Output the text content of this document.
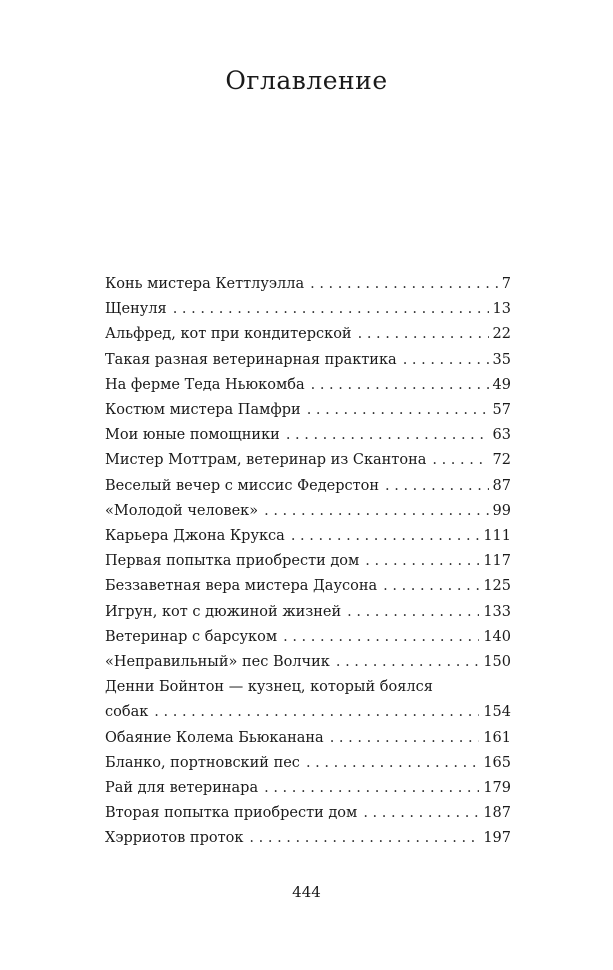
Оглавление
Конь мистера Кеттлуэлла . . .	7
Щенуля . . .	13
Альфред, кот при кондитерской . . .	22
Такая разная ветеринарная практика . . .	35
На ферме Теда Ньюкомба . . .	49
Костюм мистера Памфри . . .	57
Мои юные помощники . . .	63
Мистер Моттрам, ветеринар из Скантона . . .	72
Веселый вечер с миссис Федерстон . . .	87
«Молодой человек» . . .	99
Карьера Джона Крукса . . .	111
Первая попытка приобрести дом . . .	117
Беззаветная вера мистера Даусона . . .	125
Игрун, кот с дюжиной жизней . . .	133
Ветеринар с барсуком . . .	140
«Неправильный» пес Волчик . . .	150
Денни Бойнтон — кузнец, который боялся
собак . . .	154
Обаяние Колема Бьюканана . . .	161
Бланко, портновский пес . . .	165
Рай для ветеринара . . .	179
Вторая попытка приобрести дом . . .	187
Хэрриотов проток . . .	197
444
